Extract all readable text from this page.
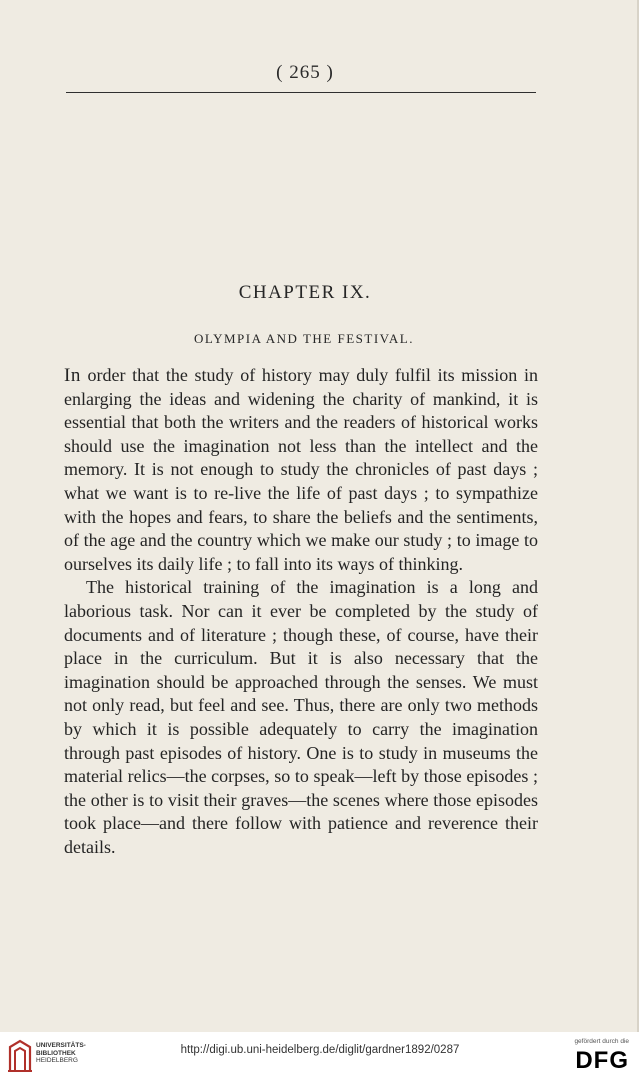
( 265 )
CHAPTER IX.
OLYMPIA AND THE FESTIVAL.

In order that the study of history may duly fulfil its mission in enlarging the ideas and widening the charity of mankind, it is essential that both the writers and the readers of historical works should use the imagination not less than the intellect and the memory. It is not enough to study the chronicles of past days ; what we want is to re-live the life of past days ; to sympathize with the hopes and fears, to share the beliefs and the sentiments, of the age and the country which we make our study ; to image to ourselves its daily life ; to fall into its ways of thinking.

The historical training of the imagination is a long and laborious task. Nor can it ever be completed by the study of documents and of literature ; though these, of course, have their place in the curriculum. But it is also necessary that the imagination should be approached through the senses. We must not only read, but feel and see. Thus, there are only two methods by which it is possible adequately to carry the imagination through past episodes of history. One is to study in museums the material relics—the corpses, so to speak—left by those episodes ; the other is to visit their graves—the scenes where those episodes took place—and there follow with patience and reverence their details.

UNIVERSITÄTS-
BIBLIOTHEK
HEIDELBERG
http://digi.ub.uni-heidelberg.de/diglit/gardner1892/0287
gefördert durch die
DFG
